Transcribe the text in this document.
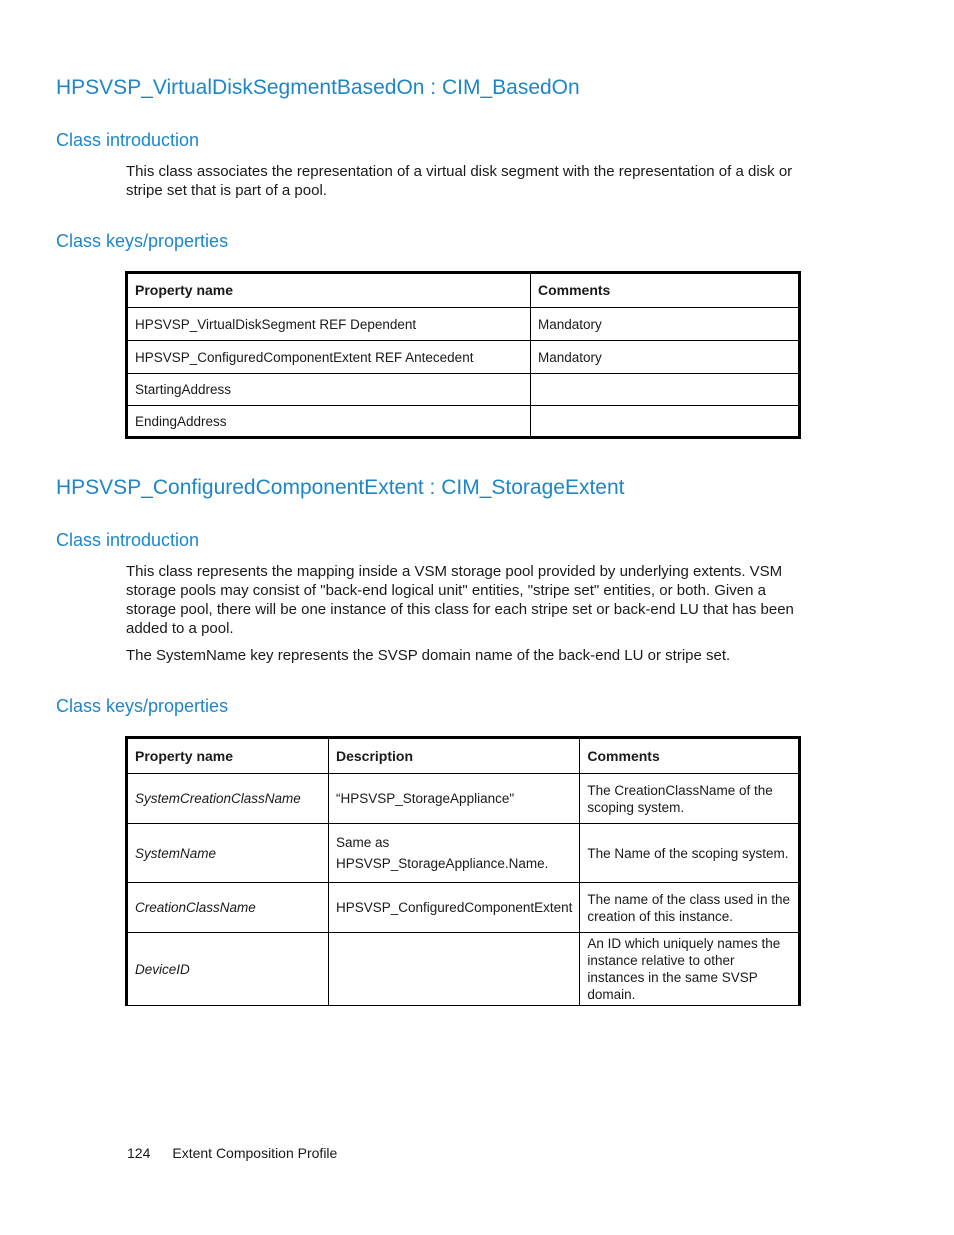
HPSVSP_VirtualDiskSegmentBasedOn : CIM_BasedOn
Class introduction

This class associates the representation of a virtual disk segment with the representation of a disk or stripe set that is part of a pool.

Class keys/properties
Property name	Comments
HPSVSP_VirtualDiskSegment REF Dependent	Mandatory
HPSVSP_ConfiguredComponentExtent REF Antecedent	Mandatory
StartingAddress	
EndingAddress	
HPSVSP_ConfiguredComponentExtent : CIM_StorageExtent
Class introduction

This class represents the mapping inside a VSM storage pool provided by underlying extents. VSM storage pools may consist of "back-end logical unit" entities, "stripe set" entities, or both. Given a storage pool, there will be one instance of this class for each stripe set or back-end LU that has been added to a pool.

The SystemName key represents the SVSP domain name of the back-end LU or stripe set.

Class keys/properties
Property name	Description	Comments
SystemCreationClassName	“HPSVSP_StorageAppliance"	The CreationClassName of the scoping system.
SystemName	Same as HPSVSP_StorageAppliance.Name.	The Name of the scoping system.
CreationClassName	HPSVSP_ConfiguredComponentExtent	The name of the class used in the creation of this instance.
DeviceID		An ID which uniquely names the instance relative to other instances in the same SVSP domain.
124 Extent Composition Profile
